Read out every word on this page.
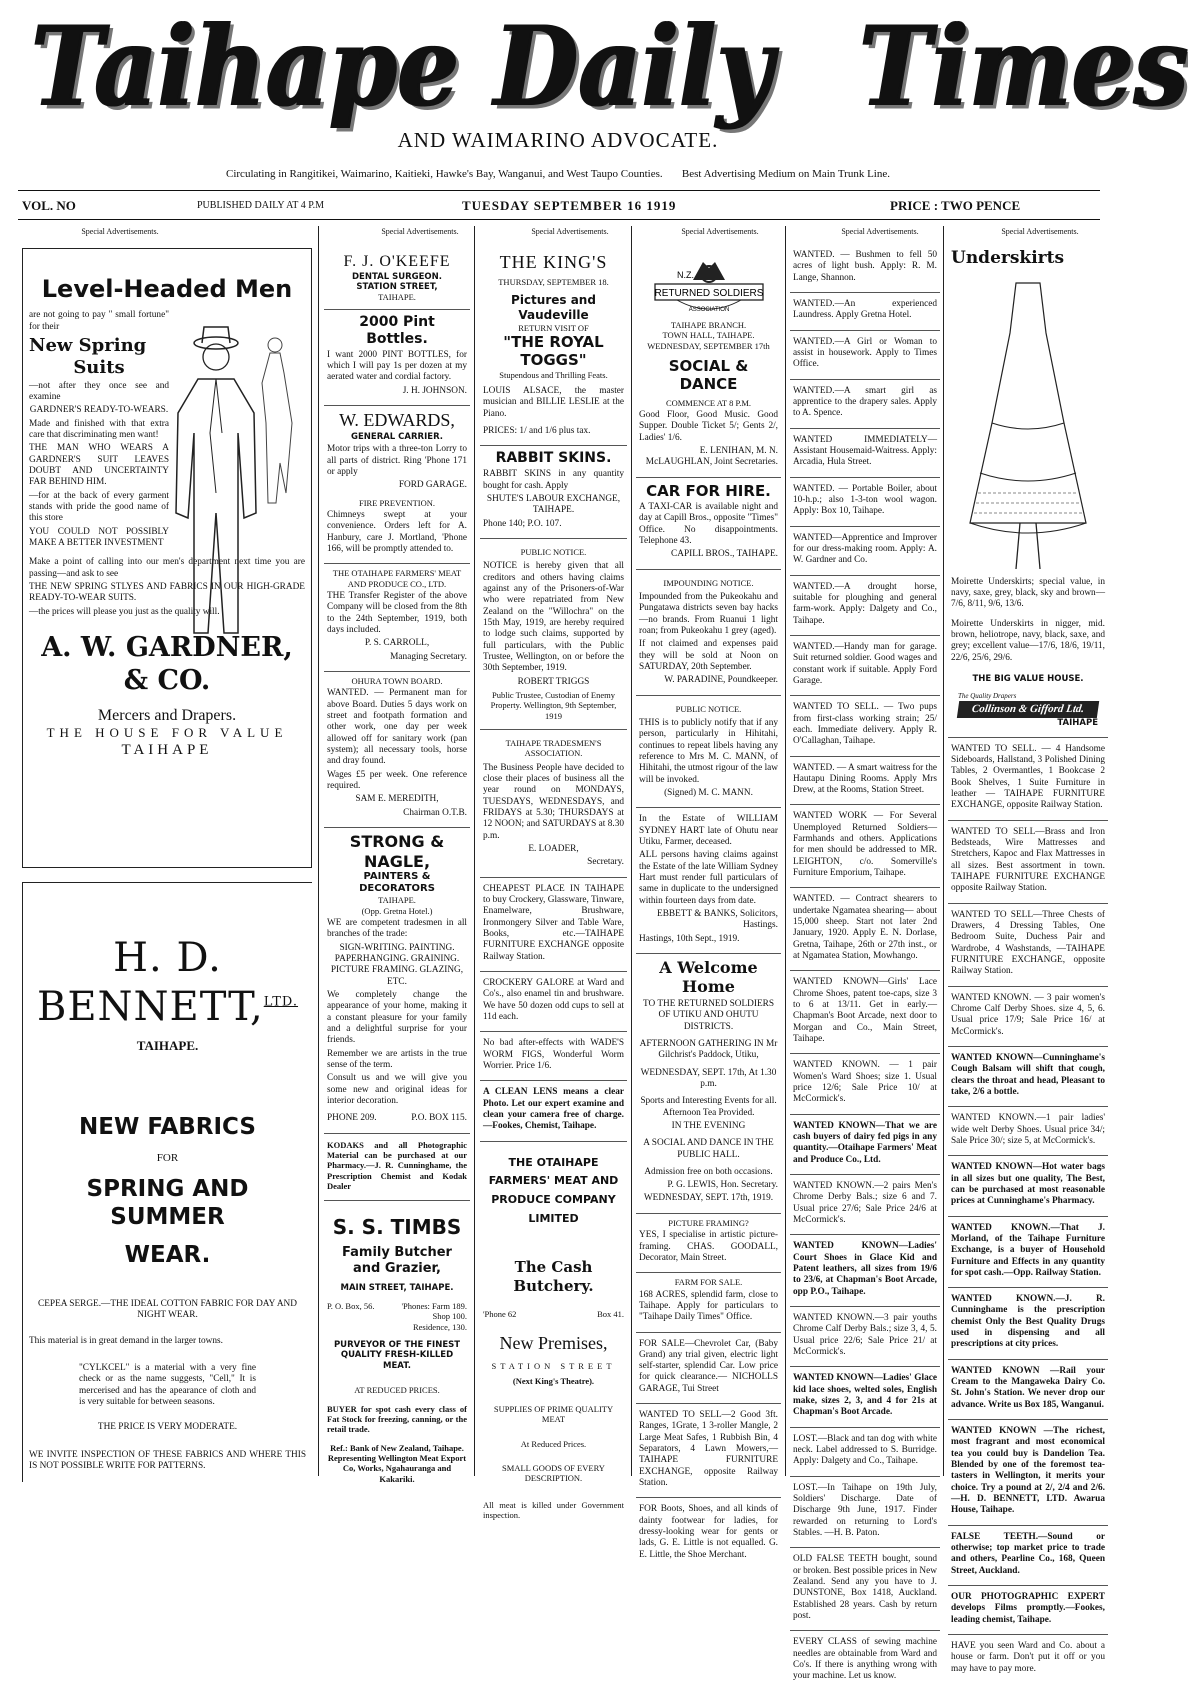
Taihape Daily Times
AND WAIMARINO ADVOCATE.
Circulating in Rangitikei, Waimarino, Kaitieki, Hawke's Bay, Wanganui, and West Taupo Counties. Best Advertising Medium on Main Trunk Line.
VOL. NO	PUBLISHED DAILY AT 4 P.M	TUESDAY SEPTEMBER 16 1919	PRICE : TWO PENCE
Special Advertisements.	Special Advertisements.	Special Advertisements.	Special Advertisements.	Special Advertisements.	Special Advertisements.
Level-Headed Men

are not going to pay " small fortune" for their

New Spring
Suits

—not after they once see and examine

GARDNER'S READY-TO-WEARS.

Made and finished with that extra care that discriminating men want!

THE MAN WHO WEARS A GARDNER'S SUIT LEAVES DOUBT AND UNCERTAINTY FAR BEHIND HIM.

—for at the back of every garment stands with pride the good name of this store

YOU COULD NOT POSSIBLY MAKE A BETTER INVESTMENT

Make a point of calling into our men's department next time you are passing—and ask to see

THE NEW SPRING STLYES AND FABRICS IN OUR HIGH-GRADE READY-TO-WEAR SUITS.

—the prices will please you just as the quality will.

A. W. GARDNER, & CO.
Mercers and Drapers.
THE HOUSE FOR VALUE
TAIHAPE
H. D. BENNETT,$^{LTD.}$
TAIHAPE.
NEW FABRICS
FOR
SPRING AND SUMMER
WEAR.

CEPEA SERGE.—THE IDEAL COTTON FABRIC FOR DAY AND NIGHT WEAR.

This material is in great demand in the larger towns.

"CYLKCEL" is a material with a very fine check or as the name suggests, "Cell," It is mercerised and has the apearance of cloth and is very suitable for between seasons.

THE PRICE IS VERY MODERATE.

WE INVITE INSPECTION OF THESE FABRICS AND WHERE THIS IS NOT POSSIBLE WRITE FOR PATTERNS.

F. J. O'KEEFE
DENTAL SURGEON.
STATION STREET,
TAIHAPE.
2000 Pint Bottles.

I want 2000 PINT BOTTLES, for which I will pay 1s per dozen at my aerated water and cordial factory.

J. H. JOHNSON.

W. EDWARDS,
GENERAL CARRIER.

Motor trips with a three-ton Lorry to all parts of district. Ring 'Phone 171 or apply

FORD GARAGE.

FIRE PREVENTION.

Chimneys swept at your convenience. Orders left for A. Hanbury, care J. Mortland, 'Phone 166, will be promptly attended to.

THE OTAIHAPE FARMERS' MEAT AND PRODUCE CO., LTD.

THE Transfer Register of the above Company will be closed from the 8th to the 24th September, 1919, both days included.

P. S. CARROLL,

Managing Secretary.

OHURA TOWN BOARD.

WANTED. — Permanent man for above Board. Duties 5 days work on street and footpath formation and other work, one day per week allowed off for sanitary work (pan system); all necessary tools, horse and dray found.

Wages £5 per week. One reference required.

SAM E. MEREDITH,

Chairman O.T.B.

STRONG & NAGLE,
PAINTERS & DECORATORS
TAIHAPE.
(Opp. Gretna Hotel.)

WE are competent tradesmen in all branches of the trade:

SIGN-WRITING. PAINTING. PAPERHANGING. GRAINING. PICTURE FRAMING. GLAZING, ETC.

We completely change the appearance of your home, making it a constant pleasure for your family and a delightful surprise for your friends.

Remember we are artists in the true sense of the term.

Consult us and we will give you some new and original ideas for interior decoration.

PHONE 209.	P.O. BOX 115.

KODAKS and all Photographic Material can be purchased at our Pharmacy.—J. R. Cunninghame, the Prescription Chemist and Kodak Dealer

S. S. TIMBS
Family Butcher and Grazier,
MAIN STREET, TAIHAPE.
P. O. Box, 56.	'Phones: Farm 189. Shop 100. Residence, 130.
PURVEYOR OF THE FINEST QUALITY FRESH-KILLED MEAT.
AT REDUCED PRICES.

BUYER for spot cash every class of Fat Stock for freezing, canning, or the retail trade.

Ref.: Bank of New Zealand, Taihape. Representing Wellington Meat Export Co, Works, Ngahauranga and Kakariki.

THE KING'S
THURSDAY, SEPTEMBER 18.
Pictures and Vaudeville
RETURN VISIT OF
"THE ROYAL TOGGS"
Stupendous and Thrilling Feats.

LOUIS ALSACE, the master musician and BILLIE LESLIE at the Piano.

PRICES: 1/ and 1/6 plus tax.

RABBIT SKINS.

RABBIT SKINS in any quantity bought for cash. Apply

SHUTE'S LABOUR EXCHANGE, TAIHAPE.

Phone 140; P.O. 107.

PUBLIC NOTICE.

NOTICE is hereby given that all creditors and others having claims against any of the Prisoners-of-War who were repatriated from New Zealand on the "Willochra" on the 15th May, 1919, are hereby required to lodge such claims, supported by full particulars, with the Public Trustee, Wellington, on or before the 30th September, 1919.

ROBERT TRIGGS

Public Trustee, Custodian of Enemy Property. Wellington, 9th September, 1919

TAIHAPE TRADESMEN'S ASSOCIATION.

The Business People have decided to close their places of business all the year round on MONDAYS, TUESDAYS, WEDNESDAYS, and FRIDAYS at 5.30; THURSDAYS at 12 NOON; and SATURDAYS at 8.30 p.m.

E. LOADER,

Secretary.

CHEAPEST PLACE IN TAIHAPE to buy Crockery, Glassware, Tinware, Enamelware, Brushware, Ironmongery Silver and Table Ware, Books, etc.—TAIHAPE FURNITURE EXCHANGE opposite Railway Station.

CROCKERY GALORE at Ward and Co's., also enamel tin and brushware. We have 50 dozen odd cups to sell at 11d each.

No bad after-effects with WADE'S WORM FIGS, Wonderful Worm Worrier. Price 1/6.

A CLEAN LENS means a clear Photo. Let our expert examine and clean your camera free of charge.—Fookes, Chemist, Taihape.

THE OTAIHAPE FARMERS' MEAT AND PRODUCE COMPANY LIMITED
The Cash Butchery.
'Phone 62	Box 41.
New Premises,
STATION STREET
(Next King's Theatre).
SUPPLIES OF PRIME QUALITY MEAT
At Reduced Prices.
SMALL GOODS OF EVERY DESCRIPTION.

All meat is killed under Government inspection.

RETURNED SOLDIERS
ASSOCIATION
N.Z.
TAIHAPE BRANCH.
TOWN HALL, TAIHAPE.
WEDNESDAY, SEPTEMBER 17th
SOCIAL & DANCE
COMMENCE AT 8 P.M.

Good Floor, Good Music. Good Supper. Double Ticket 5/; Gents 2/, Ladies' 1/6.

E. LENIHAN, M. N. McLAUGHLAN, Joint Secretaries.

CAR FOR HIRE.

A TAXI-CAR is available night and day at Capill Bros., opposite "Times" Office. No disappointments. Telephone 43.

CAPILL BROS., TAIHAPE.

IMPOUNDING NOTICE.

Impounded from the Pukeokahu and Pungatawa districts seven bay hacks—no brands. From Ruanui 1 light roan; from Pukeokahu 1 grey (aged).

If not claimed and expenses paid they will be sold at Noon on SATURDAY, 20th September.

W. PARADINE, Poundkeeper.

PUBLIC NOTICE.

THIS is to publicly notify that if any person, particularly in Hihitahi, continues to repeat libels having any reference to Mrs M. C. MANN, of Hihitahi, the utmost rigour of the law will be invoked.

(Signed) M. C. MANN.

In the Estate of WILLIAM SYDNEY HART late of Ohutu near Utiku, Farmer, deceased.

ALL persons having claims against the Estate of the late William Sydney Hart must render full particulars of same in duplicate to the undersigned within fourteen days from date.

EBBETT & BANKS, Solicitors, Hastings.

Hastings, 10th Sept., 1919.

A Welcome Home

TO THE RETURNED SOLDIERS OF UTIKU AND OHUTU DISTRICTS.

AFTERNOON GATHERING IN Mr Gilchrist's Paddock, Utiku,

WEDNESDAY, SEPT. 17th, At 1.30 p.m.

Sports and Interesting Events for all. Afternoon Tea Provided.

IN THE EVENING

A SOCIAL AND DANCE IN THE PUBLIC HALL.

Admission free on both occasions.

P. G. LEWIS, Hon. Secretary.

WEDNESDAY, SEPT. 17th, 1919.

PICTURE FRAMING?

YES, I specialise in artistic picture-framing. CHAS. GOODALL, Decorator, Main Street.

FARM FOR SALE.

168 ACRES, splendid farm, close to Taihape. Apply for particulars to "Taihape Daily Times" Office.

FOR SALE—Chevrolet Car, (Baby Grand) any trial given, electric light self-starter, splendid Car. Low price for quick clearance.— NICHOLLS GARAGE, Tui Street

WANTED TO SELL—2 Good 3ft. Ranges, 1Grate, 1 3-roller Mangle, 2 Large Meat Safes, 1 Rubbish Bin, 4 Separators, 4 Lawn Mowers,—TAIHAPE FURNITURE EXCHANGE, opposite Railway Station.

FOR Boots, Shoes, and all kinds of dainty footwear for ladies, for dressy-looking wear for gents or lads, G. E. Little is not equalled. G. E. Little, the Shoe Merchant.

WANTED. — Bushmen to fell 50 acres of light bush. Apply: R. M. Lange, Shannon.

WANTED.—An experienced Laundress. Apply Gretna Hotel.

WANTED.—A Girl or Woman to assist in housework. Apply to Times Office.

WANTED.—A smart girl as apprentice to the drapery sales. Apply to A. Spence.

WANTED IMMEDIATELY— Assistant Housemaid-Waitress. Apply: Arcadia, Hula Street.

WANTED. — Portable Boiler, about 10-h.p.; also 1-3-ton wool wagon. Apply: Box 10, Taihape.

WANTED—Apprentice and Improver for our dress-making room. Apply: A. W. Gardner and Co.

WANTED.—A drought horse, suitable for ploughing and general farm-work. Apply: Dalgety and Co., Taihape.

WANTED.—Handy man for garage. Suit returned soldier. Good wages and constant work if suitable. Apply Ford Garage.

WANTED TO SELL. — Two pups from first-class working strain; 25/ each. Immediate delivery. Apply R. O'Callaghan, Taihape.

WANTED. — A smart waitress for the Hautapu Dining Rooms. Apply Mrs Drew, at the Rooms, Station Street.

WANTED WORK — For Several Unemployed Returned Soldiers— Farmhands and others. Applications for men should be addressed to MR. LEIGHTON, c/o. Somerville's Furniture Emporium, Taihape.

WANTED. — Contract shearers to undertake Ngamatea shearing— about 15,000 sheep. Start not later 2nd January, 1920. Apply E. N. Dorlase, Gretna, Taihape, 26th or 27th inst., or at Ngamatea Station, Mowhango.

WANTED KNOWN—Girls' Lace Chrome Shoes, patent toe-caps, size 3 to 6 at 13/11. Get in early.— Chapman's Boot Arcade, next door to Morgan and Co., Main Street, Taihape.

WANTED KNOWN. — 1 pair Women's Ward Shoes; size 1. Usual price 12/6; Sale Price 10/ at McCormick's.

WANTED KNOWN—That we are cash buyers of dairy fed pigs in any quantity.—Otaihape Farmers' Meat and Produce Co., Ltd.

WANTED KNOWN.—2 pairs Men's Chrome Derby Bals.; size 6 and 7. Usual price 27/6; Sale Price 24/6 at McCormick's.

WANTED KNOWN—Ladies' Court Shoes in Glace Kid and Patent leathers, all sizes from 19/6 to 23/6, at Chapman's Boot Arcade, opp P.O., Taihape.

WANTED KNOWN.—3 pair youths Chrome Calf Derby Bals.; size 3, 4, 5. Usual price 22/6; Sale Price 21/ at McCormick's.

WANTED KNOWN—Ladies' Glace kid lace shoes, welted soles, English make, sizes 2, 3, and 4 for 21s at Chapman's Boot Arcade.

LOST.—Black and tan dog with white neck. Label addressed to S. Burridge. Apply: Dalgety and Co., Taihape.

LOST.—In Taihape on 19th July, Soldiers' Discharge. Date of Discharge 9th June, 1917. Finder rewarded on returning to Lord's Stables. —H. B. Paton.

OLD FALSE TEETH bought, sound or broken. Best possible prices in New Zealand. Send any you have to J. DUNSTONE, Box 1418, Auckland. Established 28 years. Cash by return post.

EVERY CLASS of sewing machine needles are obtainable from Ward and Co's. If there is anything wrong with your machine. Let us know.

Underskirts

Moirette Underskirts; special value, in navy, saxe, grey, black, sky and brown—7/6, 8/11, 9/6, 13/6.

Moirette Underskirts in nigger, mid. brown, heliotrope, navy, black, saxe, and grey; excellent value—17/6, 18/6, 19/11, 22/6, 25/6, 29/6.

THE BIG VALUE HOUSE.
The Quality Drapers
Collinson & Gifford Ltd.
TAIHAPE

WANTED TO SELL. — 4 Handsome Sideboards, Hallstand, 3 Polished Dining Tables, 2 Overmantles, 1 Bookcase 2 Book Shelves, 1 Suite Furniture in leather — TAIHAPE FURNITURE EXCHANGE, opposite Railway Station.

WANTED TO SELL—Brass and Iron Bedsteads, Wire Mattresses and Stretchers, Kapoc and Flax Mattresses in all sizes. Best assortment in town. TAIHAPE FURNITURE EXCHANGE opposite Railway Station.

WANTED TO SELL—Three Chests of Drawers, 4 Dressing Tables, One Bedroom Suite, Duchess Pair and Wardrobe, 4 Washstands, —TAIHAPE FURNITURE EXCHANGE, opposite Railway Station.

WANTED KNOWN. — 3 pair women's Chrome Calf Derby Shoes. size 4, 5, 6. Usual price 17/9; Sale Price 16/ at McCormick's.

WANTED KNOWN—Cunninghame's Cough Balsam will shift that cough, clears the throat and head, Pleasant to take, 2/6 a bottle.

WANTED KNOWN.—1 pair ladies' wide welt Derby Shoes. Usual price 34/; Sale Price 30/; size 5, at McCormick's.

WANTED KNOWN—Hot water bags in all sizes but one quality, The Best, can be purchased at most reasonable prices at Cunninghame's Pharmacy.

WANTED KNOWN.—That J. Morland, of the Taihape Furniture Exchange, is a buyer of Household Furniture and Effects in any quantity for spot cash.—Opp. Railway Station.

WANTED KNOWN.—J. R. Cunninghame is the prescription chemist Only the Best Quality Drugs used in dispensing and all prescriptions at city prices.

WANTED KNOWN —Rail your Cream to the Mangaweka Dairy Co. St. John's Station. We never drop our advance. Write us Box 185, Wanganui.

WANTED KNOWN —The richest, most fragrant and most economical tea you could buy is Dandelion Tea. Blended by one of the foremost tea-tasters in Wellington, it merits your choice. Try a pound at 2/, 2/4 and 2/6.—H. D. BENNETT, LTD. Awarua House, Taihape.

FALSE TEETH.—Sound or otherwise; top market price to trade and others, Pearline Co., 168, Queen Street, Auckland.

OUR PHOTOGRAPHIC EXPERT develops Films promptly.—Fookes, leading chemist, Taihape.

HAVE you seen Ward and Co. about a house or farm. Don't put it off or you may have to pay more.
